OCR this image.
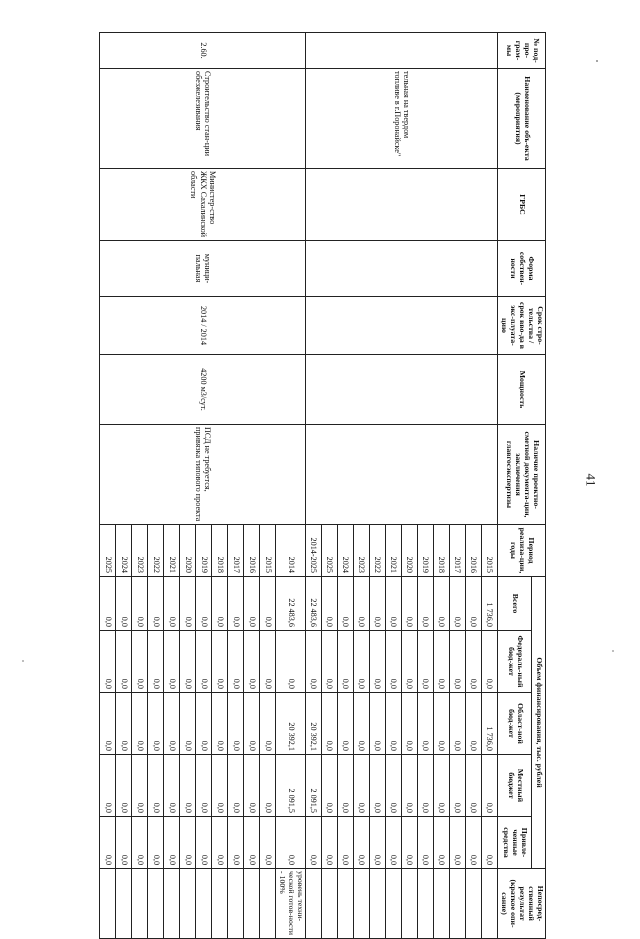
41
№ под-про-грам-мы	Наименование объ-екта (мероприятия)	ГРБС	Форма собствен-ности	Срок стро-тельства / срок вво-да в экс-плуата-цию	Мощность	Наличие проектно-сметной документа-ции, заключения главгосэкспертизы	Период реализа-ции, годы	Объем финансирования, тыс. рублей					Непосред-ственный результат (краткое опи-сание)
								Всего	Федераль-ный бюд-жет	Област-ной бюд-жет	Местный бюджет	Привле-ченные средства	
	тельная на твердом топливе в г.Поронайске"						2015	1 736,0	0,0	1 736,0	0,0	0,0	
							2016	0,0	0,0	0,0	0,0	0,0	
							2017	0,0	0,0	0,0	0,0	0,0	
							2018	0,0	0,0	0,0	0,0	0,0	
							2019	0,0	0,0	0,0	0,0	0,0	
							2020	0,0	0,0	0,0	0,0	0,0	
							2021	0,0	0,0	0,0	0,0	0,0	
							2022	0,0	0,0	0,0	0,0	0,0	
							2023	0,0	0,0	0,0	0,0	0,0	
							2024	0,0	0,0	0,0	0,0	0,0	
							2025	0,0	0,0	0,0	0,0	0,0	
							2014-2025	22 483,6	0,0	20 392,1	2 091,5	0,0	
2.60.	Строительство стан-ции обезжелезивания	Министер-ство ЖКХ Сахалинской области	муници-пальная	2014 / 2014	4200 м3/сут.	ПСД не требуется, привязка типового проекта	2014	22 483,6	0,0	20 392,1	2 091,5	0,0	уровень техни-ческой готов-ности - 100%
							2015	0,0	0,0	0,0	0,0	0,0	
							2016	0,0	0,0	0,0	0,0	0,0	
							2017	0,0	0,0	0,0	0,0	0,0	
							2018	0,0	0,0	0,0	0,0	0,0	
							2019	0,0	0,0	0,0	0,0	0,0	
							2020	0,0	0,0	0,0	0,0	0,0	
							2021	0,0	0,0	0,0	0,0	0,0	
							2022	0,0	0,0	0,0	0,0	0,0	
							2023	0,0	0,0	0,0	0,0	0,0	
							2024	0,0	0,0	0,0	0,0	0,0	
							2025	0,0	0,0	0,0	0,0	0,0	
